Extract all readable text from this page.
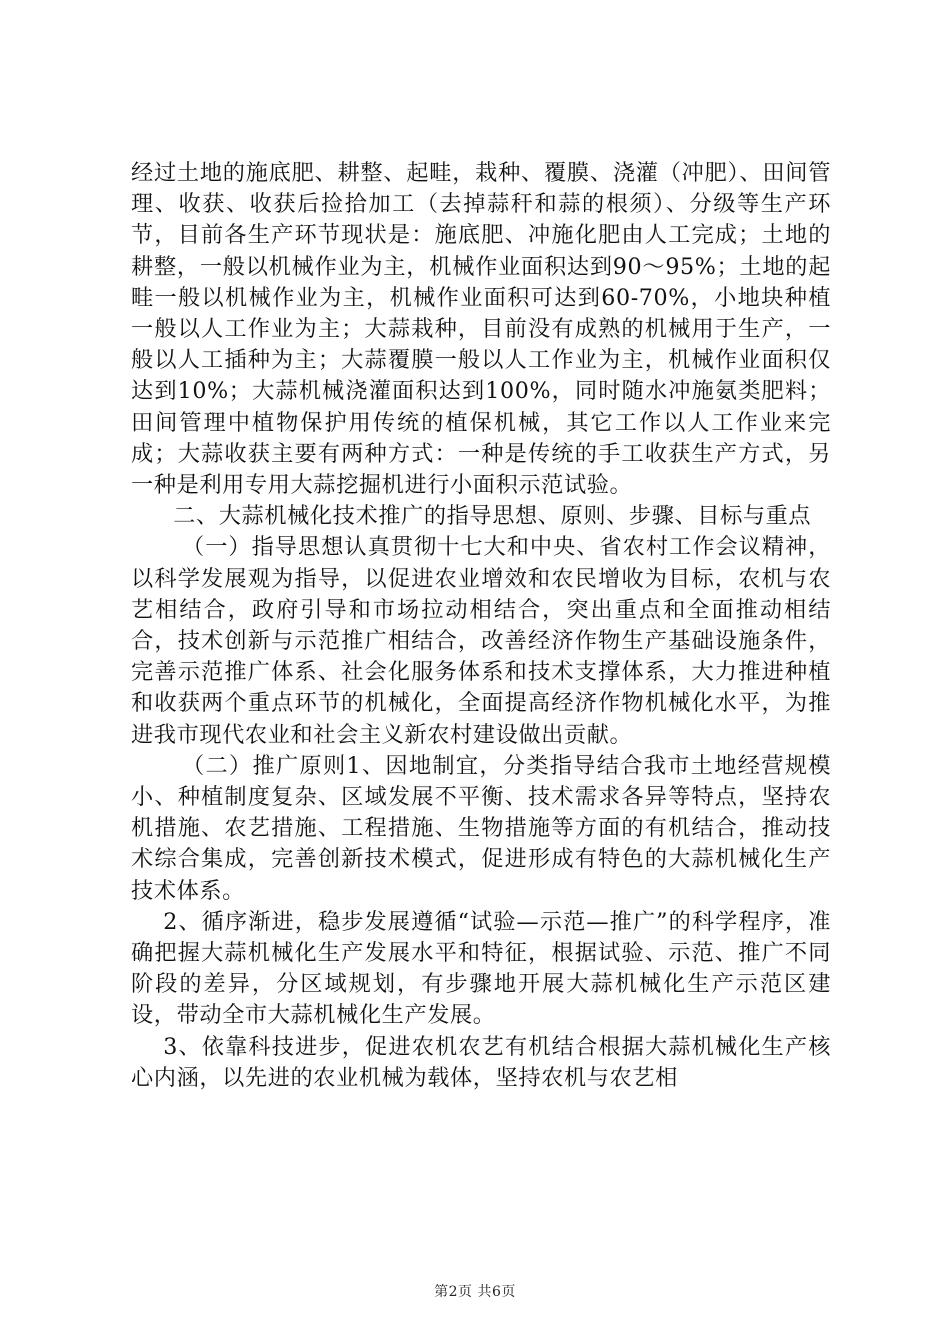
经过土地的施底肥、耕整、起畦，栽种、覆膜、浇灌（冲肥）、田间管理、收获、收获后捡拾加工（去掉蒜秆和蒜的根须）、分级等生产环节，目前各生产环节现状是：施底肥、冲施化肥由人工完成；土地的耕整，一般以机械作业为主，机械作业面积达到90～95%；土地的起畦一般以机械作业为主，机械作业面积可达到60-70%，小地块种植一般以人工作业为主；大蒜栽种，目前没有成熟的机械用于生产，一般以人工插种为主；大蒜覆膜一般以人工作业为主，机械作业面积仅达到10%；大蒜机械浇灌面积达到100%，同时随水冲施氨类肥料；田间管理中植物保护用传统的植保机械，其它工作以人工作业来完成；大蒜收获主要有两种方式：一种是传统的手工收获生产方式，另一种是利用专用大蒜挖掘机进行小面积示范试验。

二、大蒜机械化技术推广的指导思想、原则、步骤、目标与重点

（一）指导思想认真贯彻十七大和中央、省农村工作会议精神，以科学发展观为指导，以促进农业增效和农民增收为目标，农机与农艺相结合，政府引导和市场拉动相结合，突出重点和全面推动相结合，技术创新与示范推广相结合，改善经济作物生产基础设施条件，完善示范推广体系、社会化服务体系和技术支撑体系，大力推进种植和收获两个重点环节的机械化，全面提高经济作物机械化水平，为推进我市现代农业和社会主义新农村建设做出贡献。

（二）推广原则1、因地制宜，分类指导结合我市土地经营规模小、种植制度复杂、区域发展不平衡、技术需求各异等特点，坚持农机措施、农艺措施、工程措施、生物措施等方面的有机结合，推动技术综合集成，完善创新技术模式，促进形成有特色的大蒜机械化生产技术体系。

2、循序渐进，稳步发展遵循“试验—示范—推广”的科学程序，准确把握大蒜机械化生产发展水平和特征，根据试验、示范、推广不同阶段的差异，分区域规划，有步骤地开展大蒜机械化生产示范区建设，带动全市大蒜机械化生产发展。

3、依靠科技进步，促进农机农艺有机结合根据大蒜机械化生产核心内涵，以先进的农业机械为载体，坚持农机与农艺相

第2页 共6页
